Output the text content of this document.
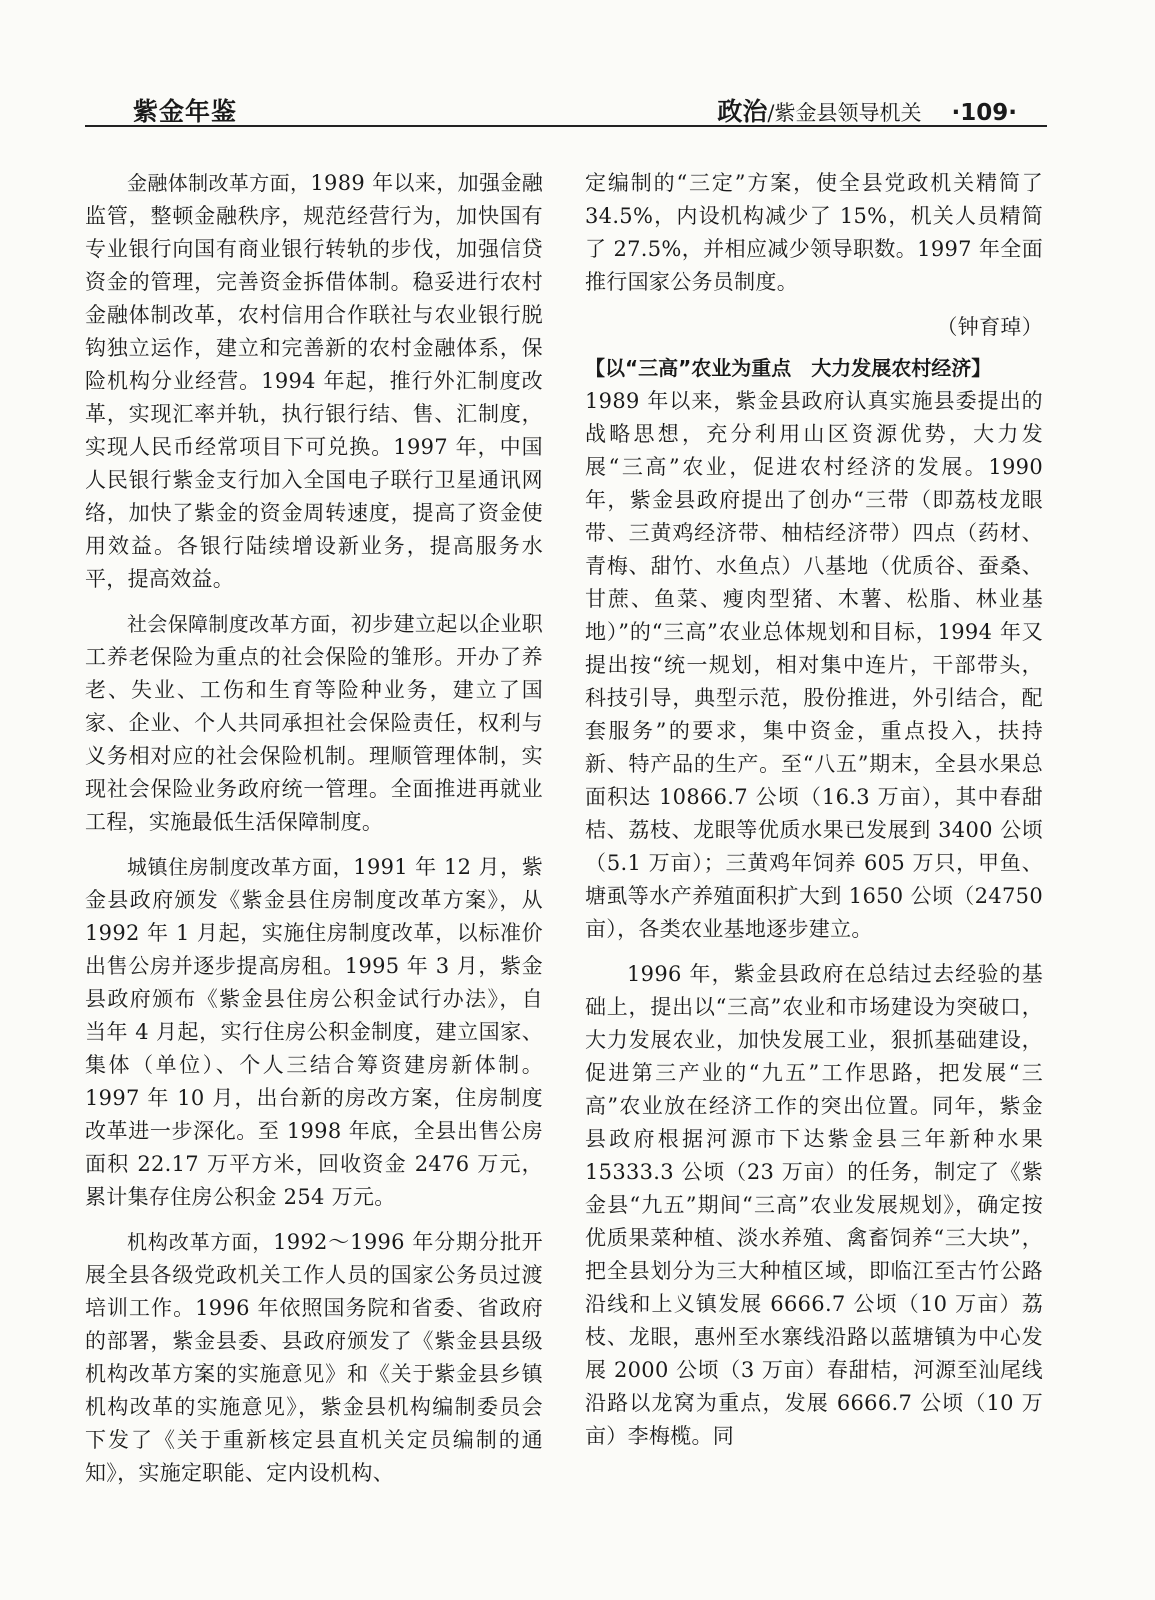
紫金年鉴	政治/紫金县领导机关 ·109·

金融体制改革方面，1989 年以来，加强金融监管，整顿金融秩序，规范经营行为，加快国有专业银行向国有商业银行转轨的步伐，加强信贷资金的管理，完善资金拆借体制。稳妥进行农村金融体制改革，农村信用合作联社与农业银行脱钩独立运作，建立和完善新的农村金融体系，保险机构分业经营。1994 年起，推行外汇制度改革，实现汇率并轨，执行银行结、售、汇制度，实现人民币经常项目下可兑换。1997 年，中国人民银行紫金支行加入全国电子联行卫星通讯网络，加快了紫金的资金周转速度，提高了资金使用效益。各银行陆续增设新业务，提高服务水平，提高效益。

社会保障制度改革方面，初步建立起以企业职工养老保险为重点的社会保险的雏形。开办了养老、失业、工伤和生育等险种业务，建立了国家、企业、个人共同承担社会保险责任，权利与义务相对应的社会保险机制。理顺管理体制，实现社会保险业务政府统一管理。全面推进再就业工程，实施最低生活保障制度。

城镇住房制度改革方面，1991 年 12 月，紫金县政府颁发《紫金县住房制度改革方案》，从 1992 年 1 月起，实施住房制度改革，以标准价出售公房并逐步提高房租。1995 年 3 月，紫金县政府颁布《紫金县住房公积金试行办法》，自当年 4 月起，实行住房公积金制度，建立国家、集体（单位）、个人三结合筹资建房新体制。1997 年 10 月，出台新的房改方案，住房制度改革进一步深化。至 1998 年底，全县出售公房面积 22.17 万平方米，回收资金 2476 万元，累计集存住房公积金 254 万元。

机构改革方面，1992～1996 年分期分批开展全县各级党政机关工作人员的国家公务员过渡培训工作。1996 年依照国务院和省委、省政府的部署，紫金县委、县政府颁发了《紫金县县级机构改革方案的实施意见》和《关于紫金县乡镇机构改革的实施意见》，紫金县机构编制委员会下发了《关于重新核定县直机关定员编制的通知》，实施定职能、定内设机构、

定编制的“三定”方案，使全县党政机关精简了 34.5%，内设机构减少了 15%，机关人员精简了 27.5%，并相应减少领导职数。1997 年全面推行国家公务员制度。

（钟育琸）

【以“三高”农业为重点　大力发展农村经济】

1989 年以来，紫金县政府认真实施县委提出的战略思想，充分利用山区资源优势，大力发展“三高”农业，促进农村经济的发展。1990 年，紫金县政府提出了创办“三带（即荔枝龙眼带、三黄鸡经济带、柚桔经济带）四点（药材、青梅、甜竹、水鱼点）八基地（优质谷、蚕桑、甘蔗、鱼菜、瘦肉型猪、木薯、松脂、林业基地）”的“三高”农业总体规划和目标，1994 年又提出按“统一规划，相对集中连片，干部带头，科技引导，典型示范，股份推进，外引结合，配套服务”的要求，集中资金，重点投入，扶持新、特产品的生产。至“八五”期末，全县水果总面积达 10866.7 公顷（16.3 万亩），其中春甜桔、荔枝、龙眼等优质水果已发展到 3400 公顷（5.1 万亩）；三黄鸡年饲养 605 万只，甲鱼、塘虱等水产养殖面积扩大到 1650 公顷（24750 亩），各类农业基地逐步建立。

1996 年，紫金县政府在总结过去经验的基础上，提出以“三高”农业和市场建设为突破口，大力发展农业，加快发展工业，狠抓基础建设，促进第三产业的“九五”工作思路，把发展“三高”农业放在经济工作的突出位置。同年，紫金县政府根据河源市下达紫金县三年新种水果 15333.3 公顷（23 万亩）的任务，制定了《紫金县“九五”期间“三高”农业发展规划》，确定按优质果菜种植、淡水养殖、禽畜饲养“三大块”，把全县划分为三大种植区域，即临江至古竹公路沿线和上义镇发展 6666.7 公顷（10 万亩）荔枝、龙眼，惠州至水寨线沿路以蓝塘镇为中心发展 2000 公顷（3 万亩）春甜桔，河源至汕尾线沿路以龙窝为重点，发展 6666.7 公顷（10 万亩）李梅榄。同
